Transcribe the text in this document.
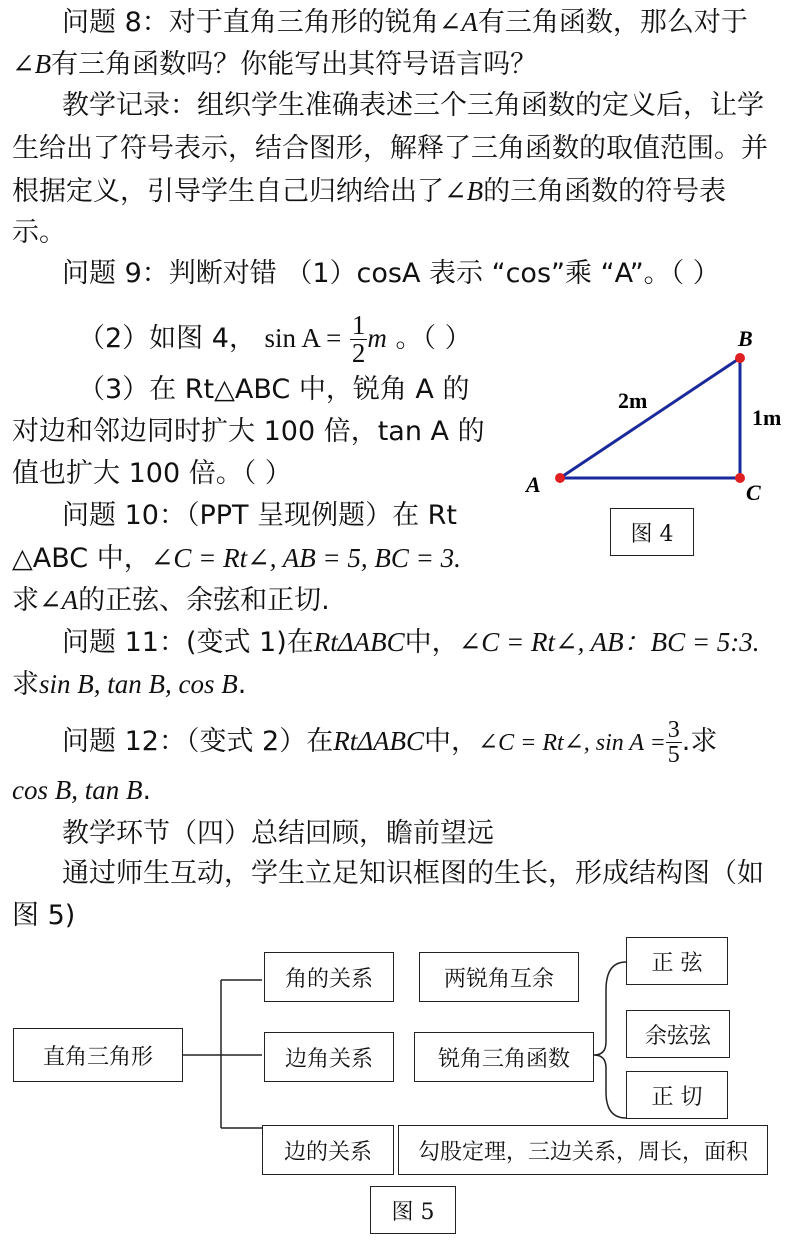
问题 8：对于直角三角形的锐角∠A有三角函数，那么对于
∠B有三角函数吗？你能写出其符号语言吗？
教学记录：组织学生准确表述三个三角函数的定义后，让学
生给出了符号表示，结合图形，解释了三角函数的取值范围。并
根据定义，引导学生自己归纳给出了∠B的三角函数的符号表
示。
问题 9：判断对错 （1）cosA 表示 “cos”乘 “A”。（ ）
（2）如图 4， $\sin A = \frac{1}{2}$ m 。（ ）
（3）在 Rt△ABC 中，锐角 A 的
对边和邻边同时扩大 100 倍，tan A 的
值也扩大 100 倍。（ ）
问题 10：（PPT 呈现例题）在 Rt
△ABC 中，∠C = Rt∠, AB = 5, BC = 3.
求∠A的正弦、余弦和正切.
问题 11：(变式 1)在RtΔABC中，∠C = Rt∠, AB：BC = 5:3.
求sin B, tan B, cos B.
问题 12：（变式 2）在RtΔABC中，∠C = Rt∠, $\sin A = \frac{3}{5}$ .求
cos B, tan B.
教学环节（四）总结回顾，瞻前望远
通过师生互动，学生立足知识框图的生长，形成结构图（如
图 5)
A
B
C
2m
1m
图 4
直角三角形
角的关系
边角关系
边的关系
两锐角互余
锐角三角函数
勾股定理，三边关系，周长，面积
正 弦
余弦弦
正 切
图 5
